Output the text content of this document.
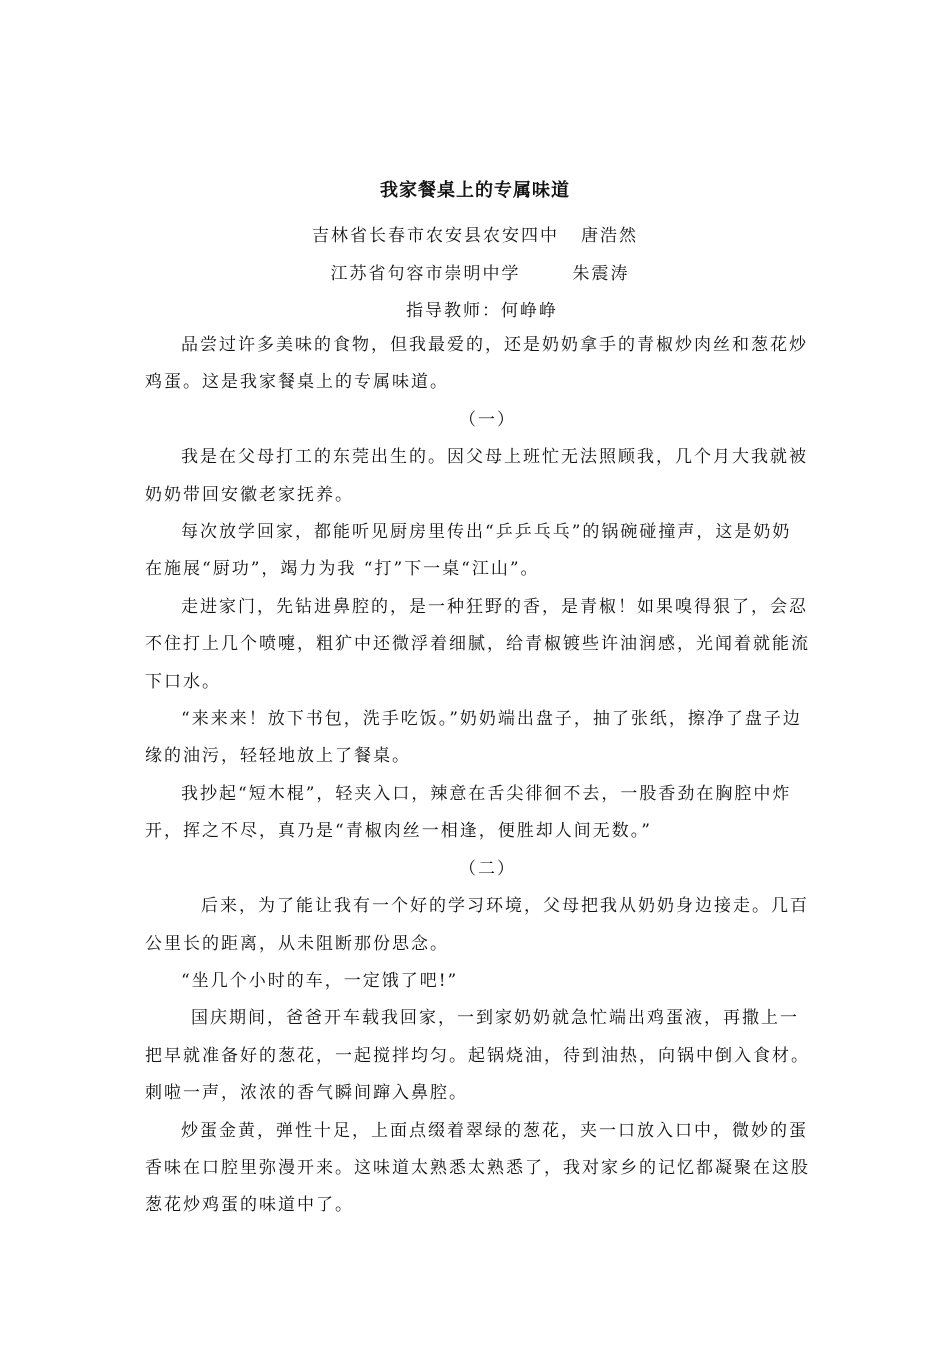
我家餐桌上的专属味道
吉林省长春市农安县农安四中 唐浩然
江苏省句容市崇明中学	朱震涛
指导教师：何峥峥

品尝过许多美味的食物，但我最爱的，还是奶奶拿手的青椒炒肉丝和葱花炒鸡蛋。这是我家餐桌上的专属味道。

（一）

我是在父母打工的东莞出生的。因父母上班忙无法照顾我，几个月大我就被奶奶带回安徽老家抚养。

每次放学回家，都能听见厨房里传出“乒乒乓乓”的锅碗碰撞声，这是奶奶在施展“厨功”，竭力为我 “打”下一桌“江山”。

走进家门，先钻进鼻腔的，是一种狂野的香，是青椒！如果嗅得狠了，会忍不住打上几个喷嚏，粗犷中还微浮着细腻，给青椒镀些许油润感，光闻着就能流下口水。

“来来来！放下书包，洗手吃饭。”奶奶端出盘子，抽了张纸，擦净了盘子边缘的油污，轻轻地放上了餐桌。

我抄起“短木棍”，轻夹入口，辣意在舌尖徘徊不去，一股香劲在胸腔中炸开，挥之不尽，真乃是“青椒肉丝一相逢，便胜却人间无数。”

（二）

后来，为了能让我有一个好的学习环境，父母把我从奶奶身边接走。几百公里长的距离，从未阻断那份思念。

“坐几个小时的车，一定饿了吧!”

国庆期间，爸爸开车载我回家，一到家奶奶就急忙端出鸡蛋液，再撒上一把早就准备好的葱花，一起搅拌均匀。起锅烧油，待到油热，向锅中倒入食材。刺啦一声，浓浓的香气瞬间蹿入鼻腔。

炒蛋金黄，弹性十足，上面点缀着翠绿的葱花，夹一口放入口中，微妙的蛋香味在口腔里弥漫开来。这味道太熟悉太熟悉了，我对家乡的记忆都凝聚在这股葱花炒鸡蛋的味道中了。
